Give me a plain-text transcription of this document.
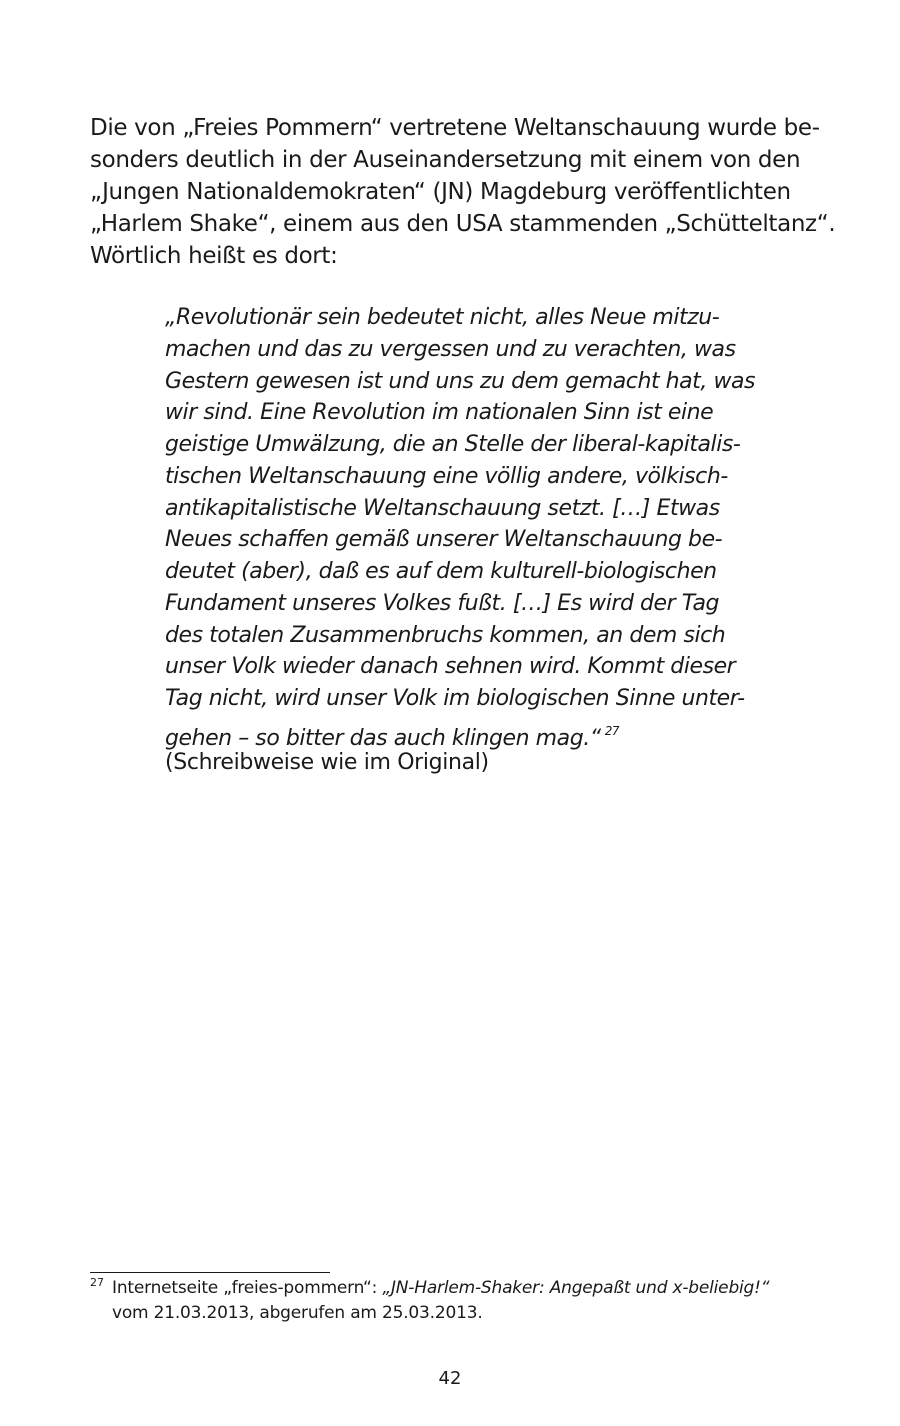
Die von „Freies Pommern“ vertretene Weltanschauung wurde be-
sonders deutlich in der Auseinandersetzung mit einem von den
„Jungen Nationaldemokraten“ (JN) Magdeburg veröffentlichten
„Harlem Shake“, einem aus den USA stammenden „Schütteltanz“.
Wörtlich heißt es dort:
„Revolutionär sein bedeutet nicht, alles Neue mitzu-
machen und das zu vergessen und zu verachten, was
Gestern gewesen ist und uns zu dem gemacht hat, was
wir sind. Eine Revolution im nationalen Sinn ist eine
geistige Umwälzung, die an Stelle der liberal-kapitalis-
tischen Weltanschauung eine völlig andere, völkisch-
antikapitalistische Weltanschauung setzt. […] Etwas
Neues schaffen gemäß unserer Weltanschauung be-
deutet (aber), daß es auf dem kulturell-biologischen
Fundament unseres Volkes fußt. […] Es wird der Tag
des totalen Zusammenbruchs kommen, an dem sich
unser Volk wieder danach sehnen wird. Kommt dieser
Tag nicht, wird unser Volk im biologischen Sinne unter-
gehen – so bitter das auch klingen mag.“ $^{27}$
(Schreibweise wie im Original)
27 Internetseite „freies-pommern“: „JN-Harlem-Shaker: Angepaßt und x-beliebig!“
vom 21.03.2013, abgerufen am 25.03.2013.
42
